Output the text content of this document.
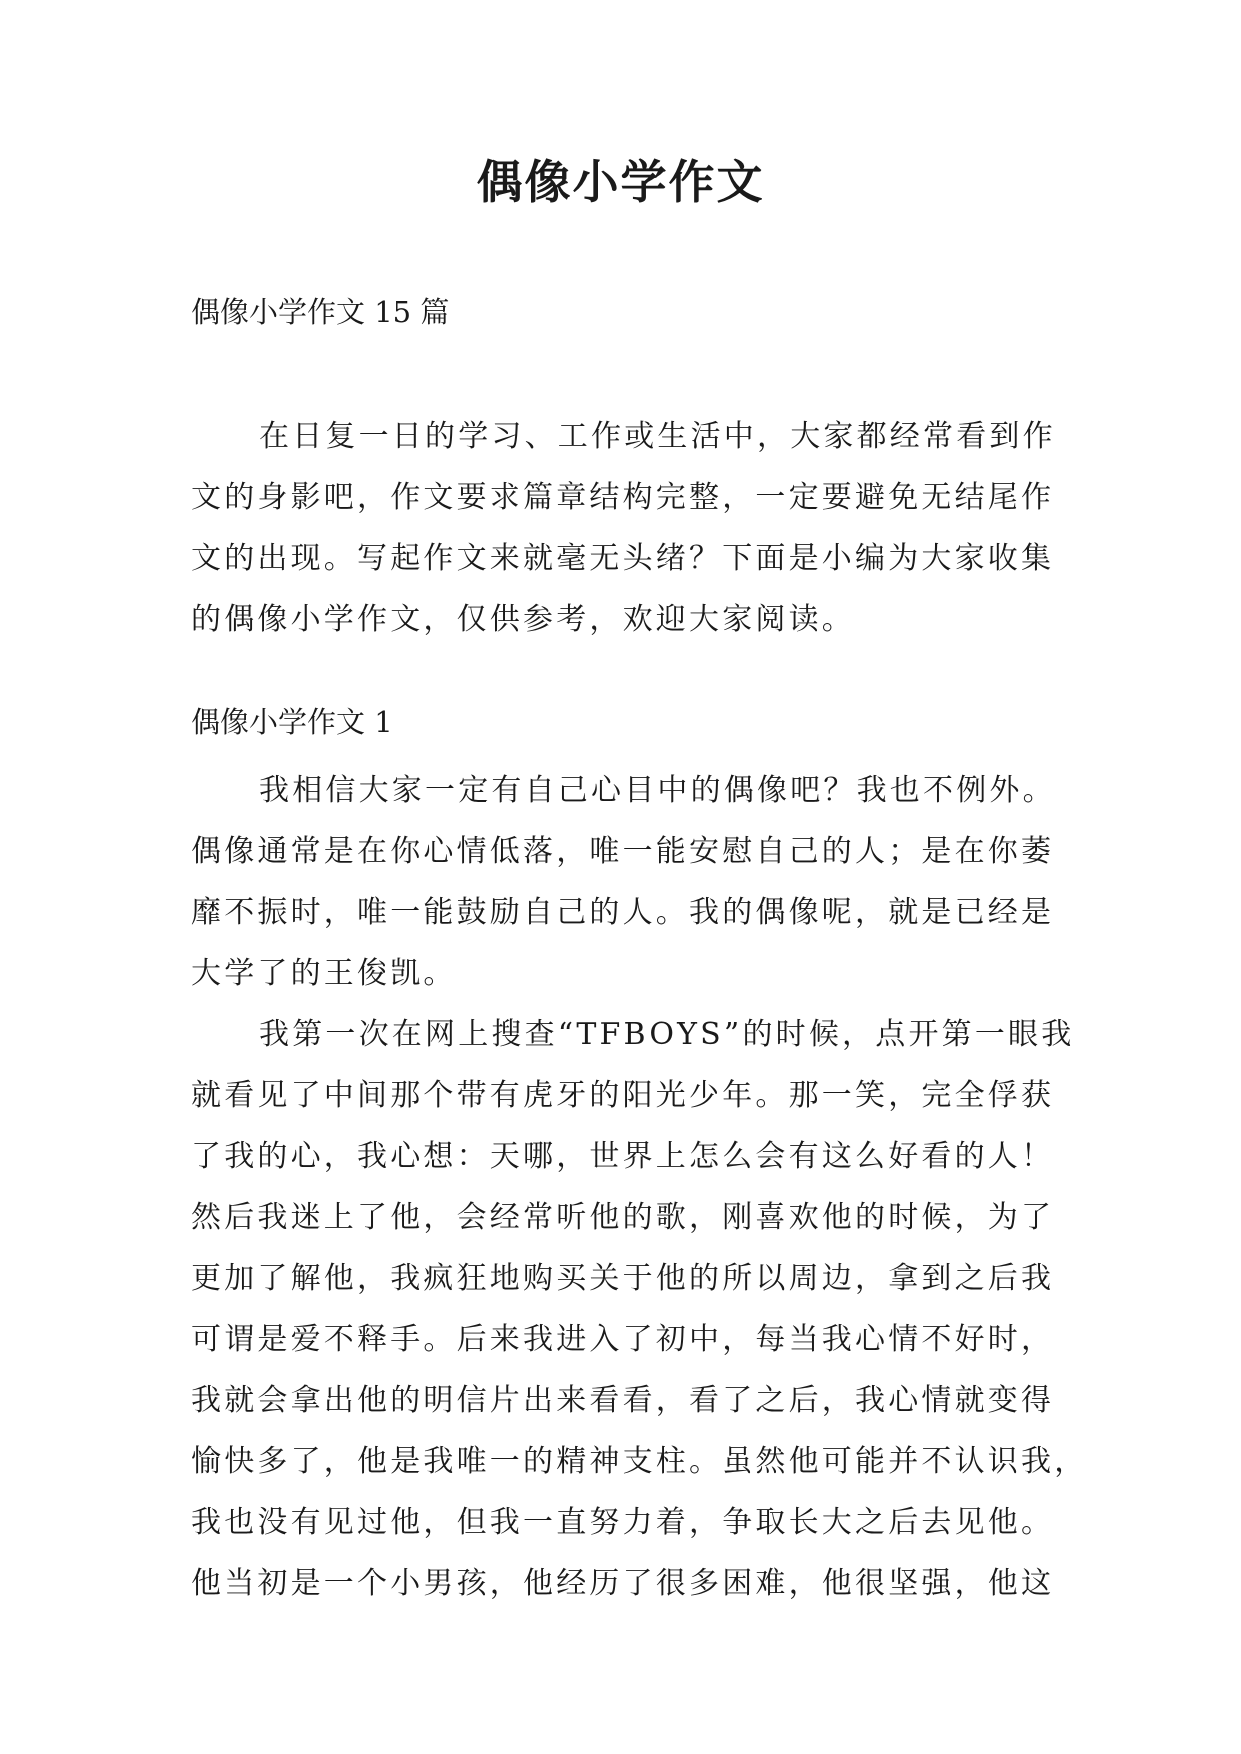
偶像小学作文
偶像小学作文 15 篇
在日复一日的学习、工作或生活中，大家都经常看到作
文的身影吧，作文要求篇章结构完整，一定要避免无结尾作
文的出现。写起作文来就毫无头绪？下面是小编为大家收集
的偶像小学作文，仅供参考，欢迎大家阅读。
偶像小学作文 1
我相信大家一定有自己心目中的偶像吧？我也不例外。
偶像通常是在你心情低落，唯一能安慰自己的人；是在你萎
靡不振时，唯一能鼓励自己的人。我的偶像呢，就是已经是
大学了的王俊凯。
我第一次在网上搜查“TFBOYS”的时候，点开第一眼我
就看见了中间那个带有虎牙的阳光少年。那一笑，完全俘获
了我的心，我心想：天哪，世界上怎么会有这么好看的人！
然后我迷上了他，会经常听他的歌，刚喜欢他的时候，为了
更加了解他，我疯狂地购买关于他的所以周边，拿到之后我
可谓是爱不释手。后来我进入了初中，每当我心情不好时，
我就会拿出他的明信片出来看看，看了之后，我心情就变得
愉快多了，他是我唯一的精神支柱。虽然他可能并不认识我，
我也没有见过他，但我一直努力着，争取长大之后去见他。
他当初是一个小男孩，他经历了很多困难，他很坚强，他这
